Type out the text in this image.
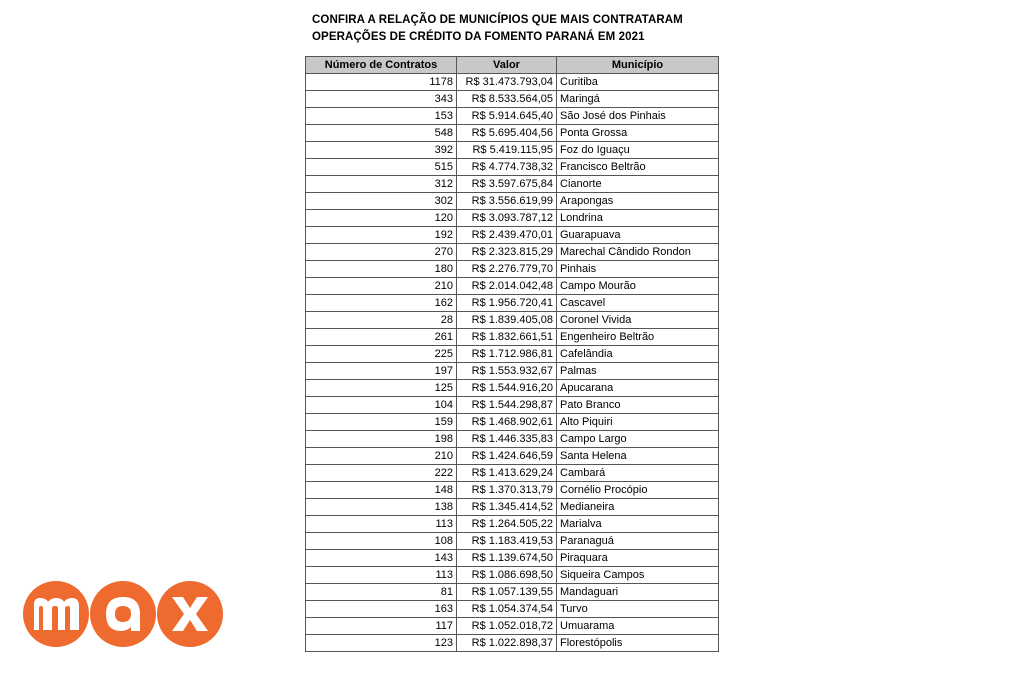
CONFIRA A RELAÇÃO DE MUNICÍPIOS QUE MAIS CONTRATARAM
OPERAÇÕES DE CRÉDITO DA FOMENTO PARANÁ EM 2021
Número de Contratos	Valor	Município
1178	R$ 31.473.793,04	Curitiba
343	R$ 8.533.564,05	Maringá
153	R$ 5.914.645,40	São José dos Pinhais
548	R$ 5.695.404,56	Ponta Grossa
392	R$ 5.419.115,95	Foz do Iguaçu
515	R$ 4.774.738,32	Francisco Beltrão
312	R$ 3.597.675,84	Cianorte
302	R$ 3.556.619,99	Arapongas
120	R$ 3.093.787,12	Londrina
192	R$ 2.439.470,01	Guarapuava
270	R$ 2.323.815,29	Marechal Cândido Rondon
180	R$ 2.276.779,70	Pinhais
210	R$ 2.014.042,48	Campo Mourão
162	R$ 1.956.720,41	Cascavel
28	R$ 1.839.405,08	Coronel Vivida
261	R$ 1.832.661,51	Engenheiro Beltrão
225	R$ 1.712.986,81	Cafelândia
197	R$ 1.553.932,67	Palmas
125	R$ 1.544.916,20	Apucarana
104	R$ 1.544.298,87	Pato Branco
159	R$ 1.468.902,61	Alto Piquiri
198	R$ 1.446.335,83	Campo Largo
210	R$ 1.424.646,59	Santa Helena
222	R$ 1.413.629,24	Cambará
148	R$ 1.370.313,79	Cornélio Procópio
138	R$ 1.345.414,52	Medianeira
113	R$ 1.264.505,22	Marialva
108	R$ 1.183.419,53	Paranaguá
143	R$ 1.139.674,50	Piraquara
113	R$ 1.086.698,50	Siqueira Campos
81	R$ 1.057.139,55	Mandaguari
163	R$ 1.054.374,54	Turvo
117	R$ 1.052.018,72	Umuarama
123	R$ 1.022.898,37	Florestópolis
